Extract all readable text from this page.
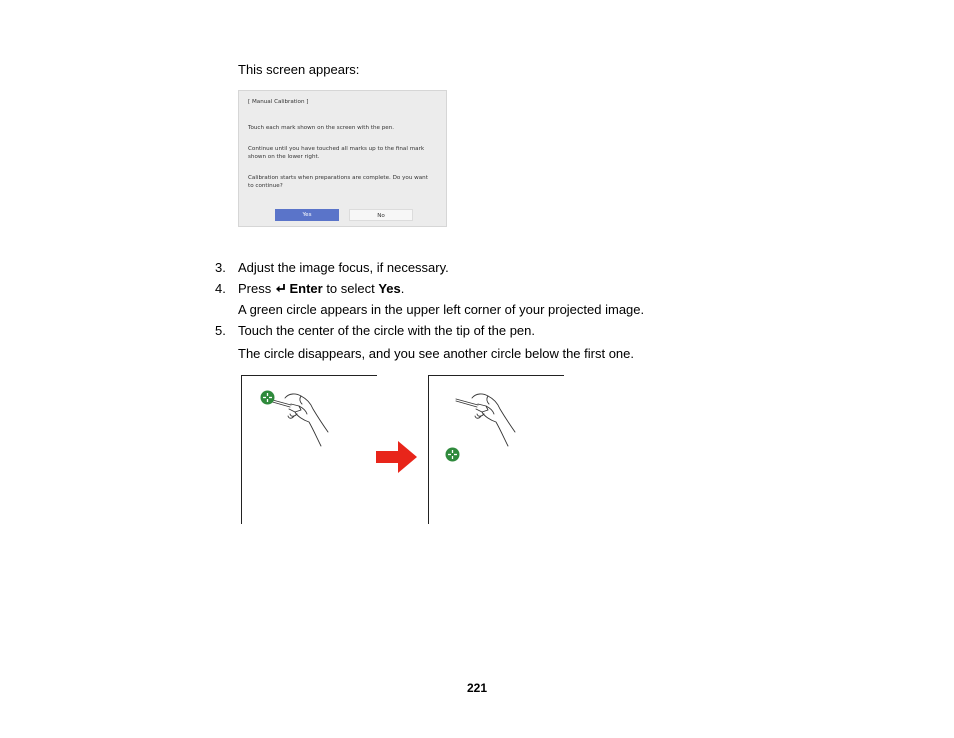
This screen appears:
[ Manual Calibration ]
Touch each mark shown on the screen with the pen.
Continue until you have touched all marks up to the final mark
shown on the lower right.
Calibration starts when preparations are complete. Do you want
to continue?
Yes	No
3. Adjust the image focus, if necessary.
4. Press  Enter to select Yes.
A green circle appears in the upper left corner of your projected image.
5. Touch the center of the circle with the tip of the pen.
The circle disappears, and you see another circle below the first one.
221
